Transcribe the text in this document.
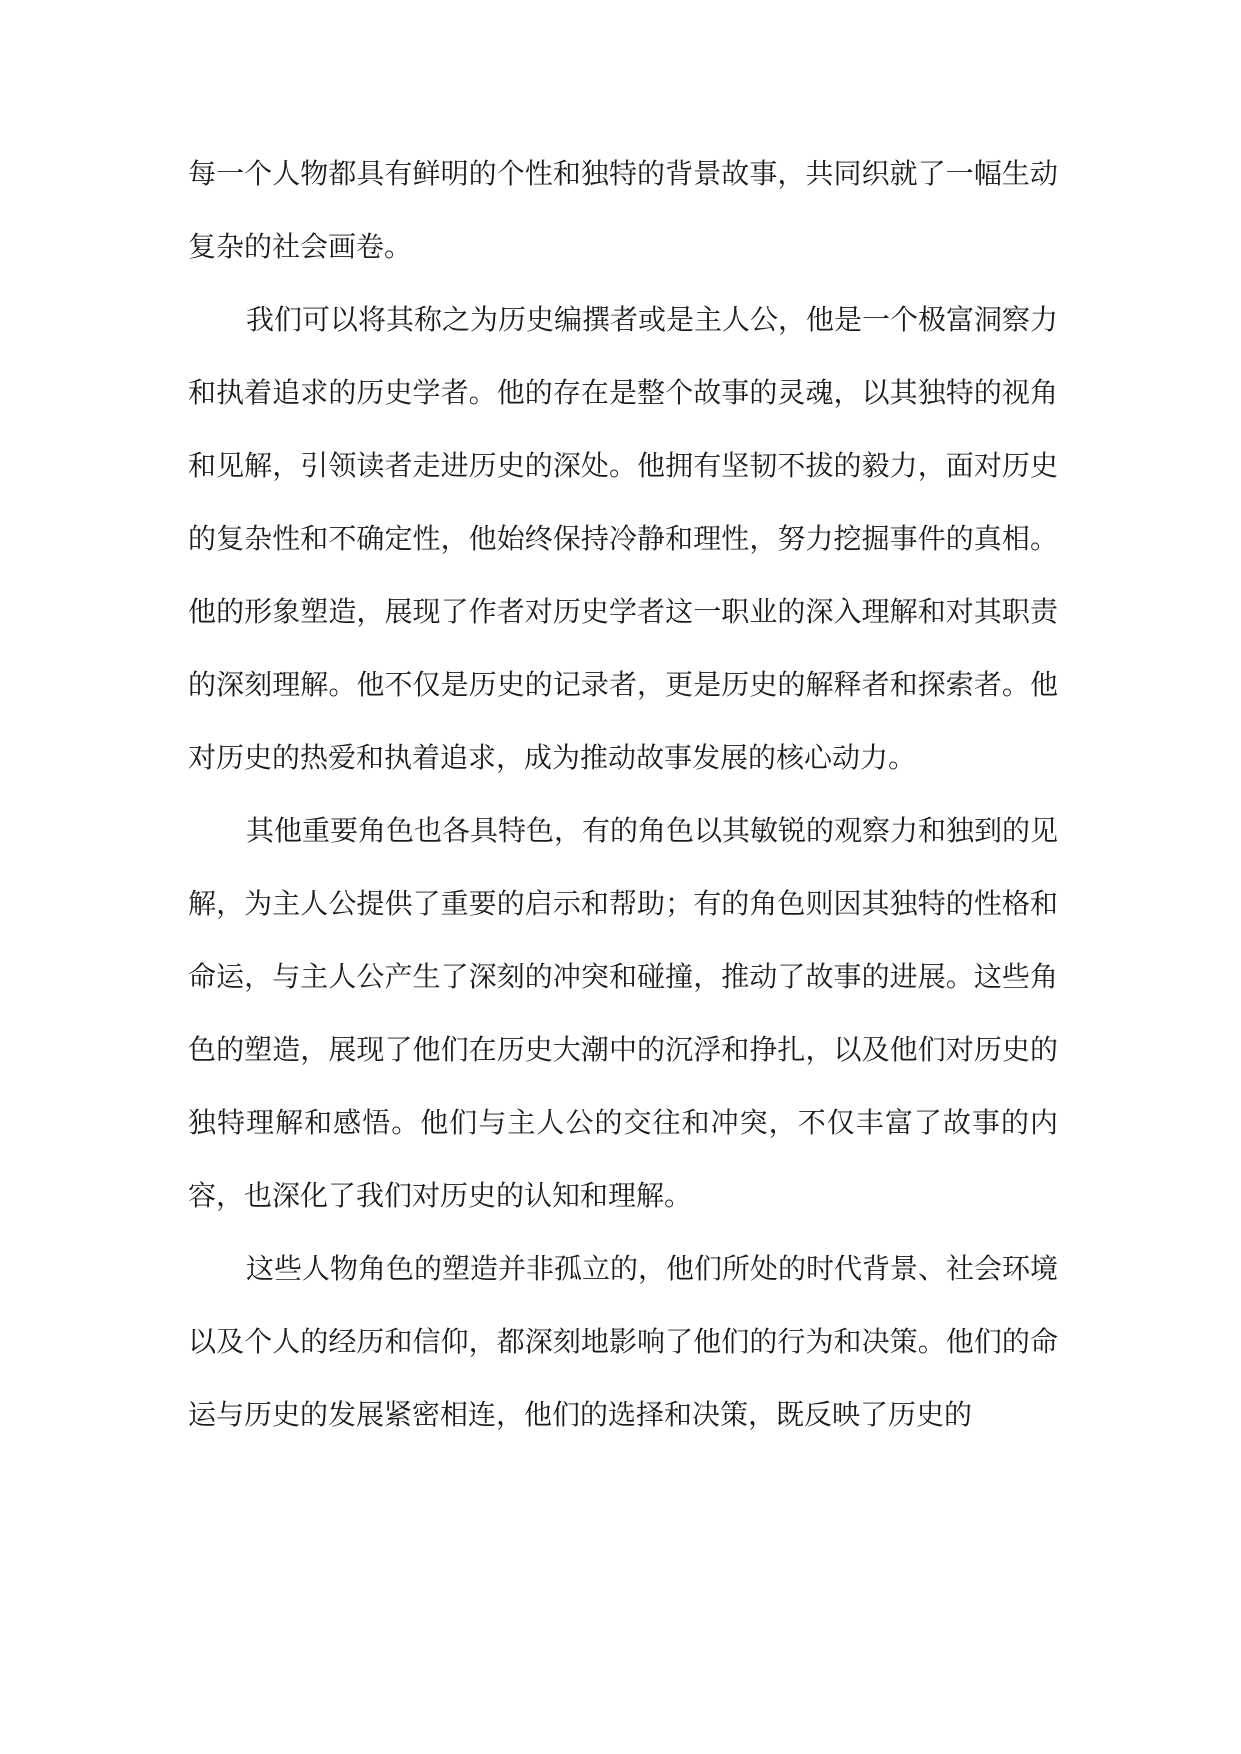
每一个人物都具有鲜明的个性和独特的背景故事，共同织就了一幅生动复杂的社会画卷。

我们可以将其称之为历史编撰者或是主人公，他是一个极富洞察力和执着追求的历史学者。他的存在是整个故事的灵魂，以其独特的视角和见解，引领读者走进历史的深处。他拥有坚韧不拔的毅力，面对历史的复杂性和不确定性，他始终保持冷静和理性，努力挖掘事件的真相。他的形象塑造，展现了作者对历史学者这一职业的深入理解和对其职责的深刻理解。他不仅是历史的记录者，更是历史的解释者和探索者。他对历史的热爱和执着追求，成为推动故事发展的核心动力。

其他重要角色也各具特色，有的角色以其敏锐的观察力和独到的见解，为主人公提供了重要的启示和帮助；有的角色则因其独特的性格和命运，与主人公产生了深刻的冲突和碰撞，推动了故事的进展。这些角色的塑造，展现了他们在历史大潮中的沉浮和挣扎，以及他们对历史的独特理解和感悟。他们与主人公的交往和冲突，不仅丰富了故事的内容，也深化了我们对历史的认知和理解。

这些人物角色的塑造并非孤立的，他们所处的时代背景、社会环境以及个人的经历和信仰，都深刻地影响了他们的行为和决策。他们的命运与历史的发展紧密相连，他们的选择和决策，既反映了历史的
